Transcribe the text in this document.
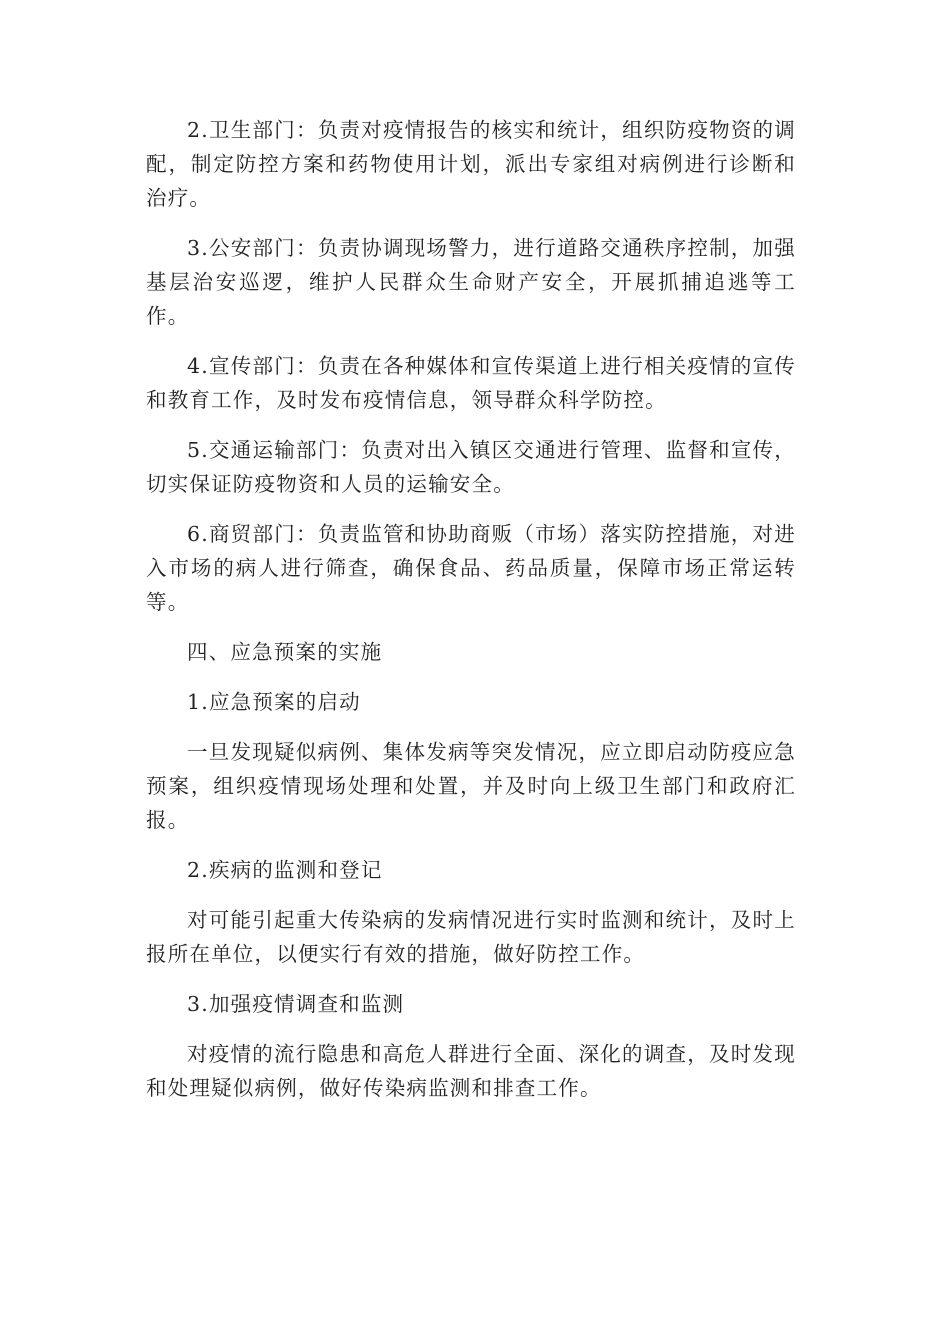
2.卫生部门：负责对疫情报告的核实和统计，组织防疫物资的调配，制定防控方案和药物使用计划，派出专家组对病例进行诊断和治疗。

3.公安部门：负责协调现场警力，进行道路交通秩序控制，加强基层治安巡逻，维护人民群众生命财产安全，开展抓捕追逃等工作。

4.宣传部门：负责在各种媒体和宣传渠道上进行相关疫情的宣传和教育工作，及时发布疫情信息，领导群众科学防控。

5.交通运输部门：负责对出入镇区交通进行管理、监督和宣传，切实保证防疫物资和人员的运输安全。

6.商贸部门：负责监管和协助商贩（市场）落实防控措施，对进入市场的病人进行筛查，确保食品、药品质量，保障市场正常运转等。

四、应急预案的实施

1.应急预案的启动

一旦发现疑似病例、集体发病等突发情况，应立即启动防疫应急预案，组织疫情现场处理和处置，并及时向上级卫生部门和政府汇报。

2.疾病的监测和登记

对可能引起重大传染病的发病情况进行实时监测和统计，及时上报所在单位，以便实行有效的措施，做好防控工作。

3.加强疫情调查和监测

对疫情的流行隐患和高危人群进行全面、深化的调查，及时发现和处理疑似病例，做好传染病监测和排查工作。
